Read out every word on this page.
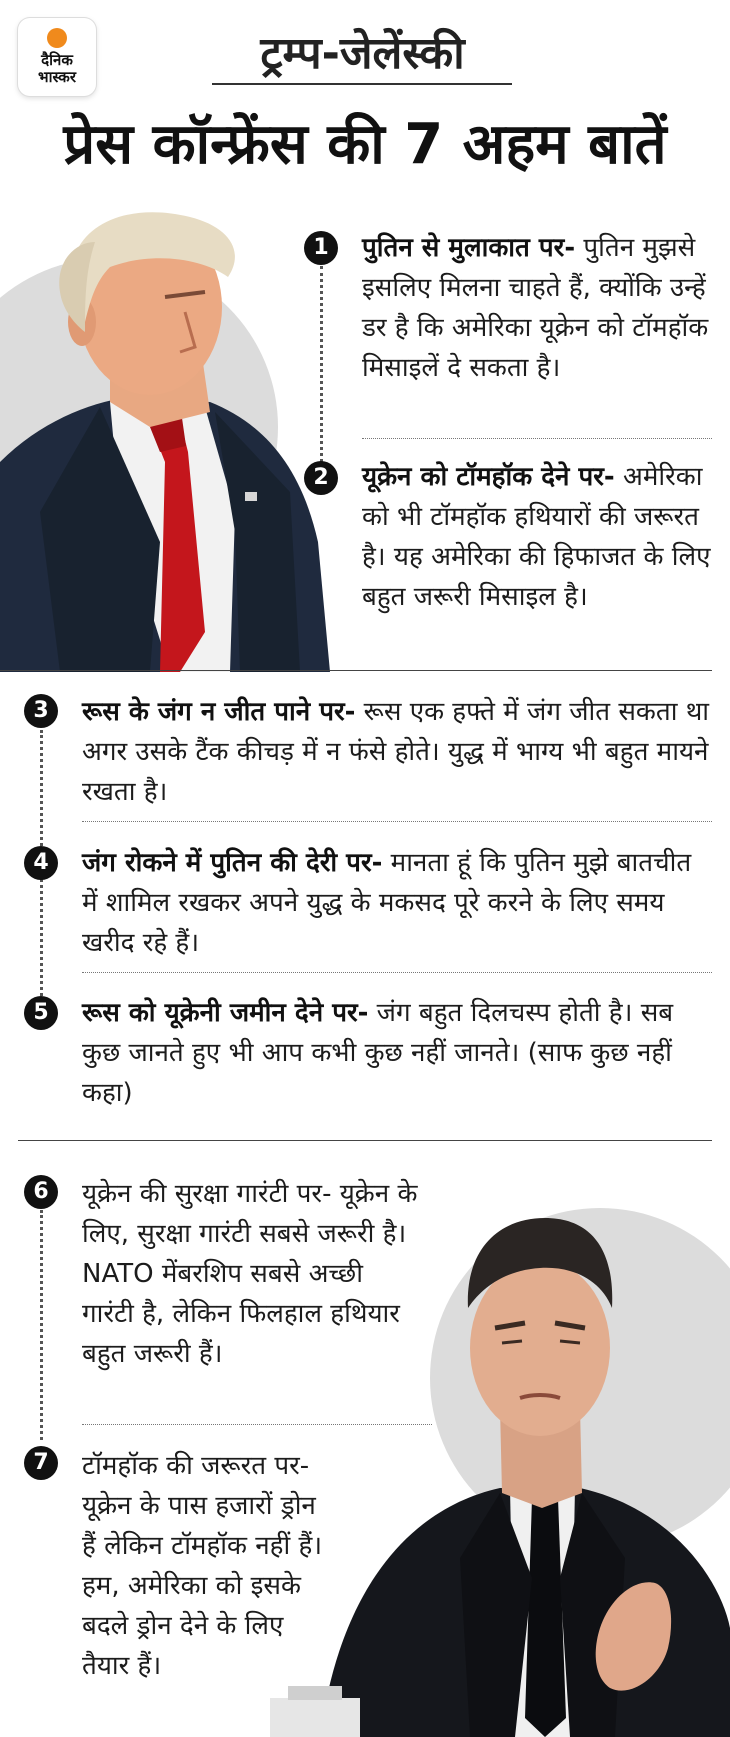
दैनिक
भास्कर	ट्रम्प-जेलेंस्की
प्रेस कॉन्फ्रेंस की 7 अहम बातें
1	पुतिन से मुलाकात पर- पुतिन मुझसे इसलिए मिलना चाहते हैं, क्योंकि उन्हें डर है कि अमेरिका यूक्रेन को टॉमहॉक मिसाइलें दे सकता है।
2	यूक्रेन को टॉमहॉक देने पर- अमेरिका को भी टॉमहॉक हथियारों की जरूरत है। यह अमेरिका की हिफाजत के लिए बहुत जरूरी मिसाइल है।
3	रूस के जंग न जीत पाने पर- रूस एक हफ्ते में जंग जीत सकता था अगर उसके टैंक कीचड़ में न फंसे होते। युद्ध में भाग्य भी बहुत मायने रखता है।
4	जंग रोकने में पुतिन की देरी पर- मानता हूं कि पुतिन मुझे बातचीत में शामिल रखकर अपने युद्ध के मकसद पूरे करने के लिए समय खरीद रहे हैं।
5	रूस को यूक्रेनी जमीन देने पर- जंग बहुत दिलचस्प होती है। सब कुछ जानते हुए भी आप कभी कुछ नहीं जानते। (साफ कुछ नहीं कहा)
6	यूक्रेन की सुरक्षा गारंटी पर- यूक्रेन के लिए, सुरक्षा गारंटी सबसे जरूरी है। NATO मेंबरशिप सबसे अच्छी गारंटी है, लेकिन फिलहाल हथियार बहुत जरूरी हैं।
7	टॉमहॉक की जरूरत पर- यूक्रेन के पास हजारों ड्रोन हैं लेकिन टॉमहॉक नहीं हैं। हम, अमेरिका को इसके बदले ड्रोन देने के लिए तैयार हैं।
